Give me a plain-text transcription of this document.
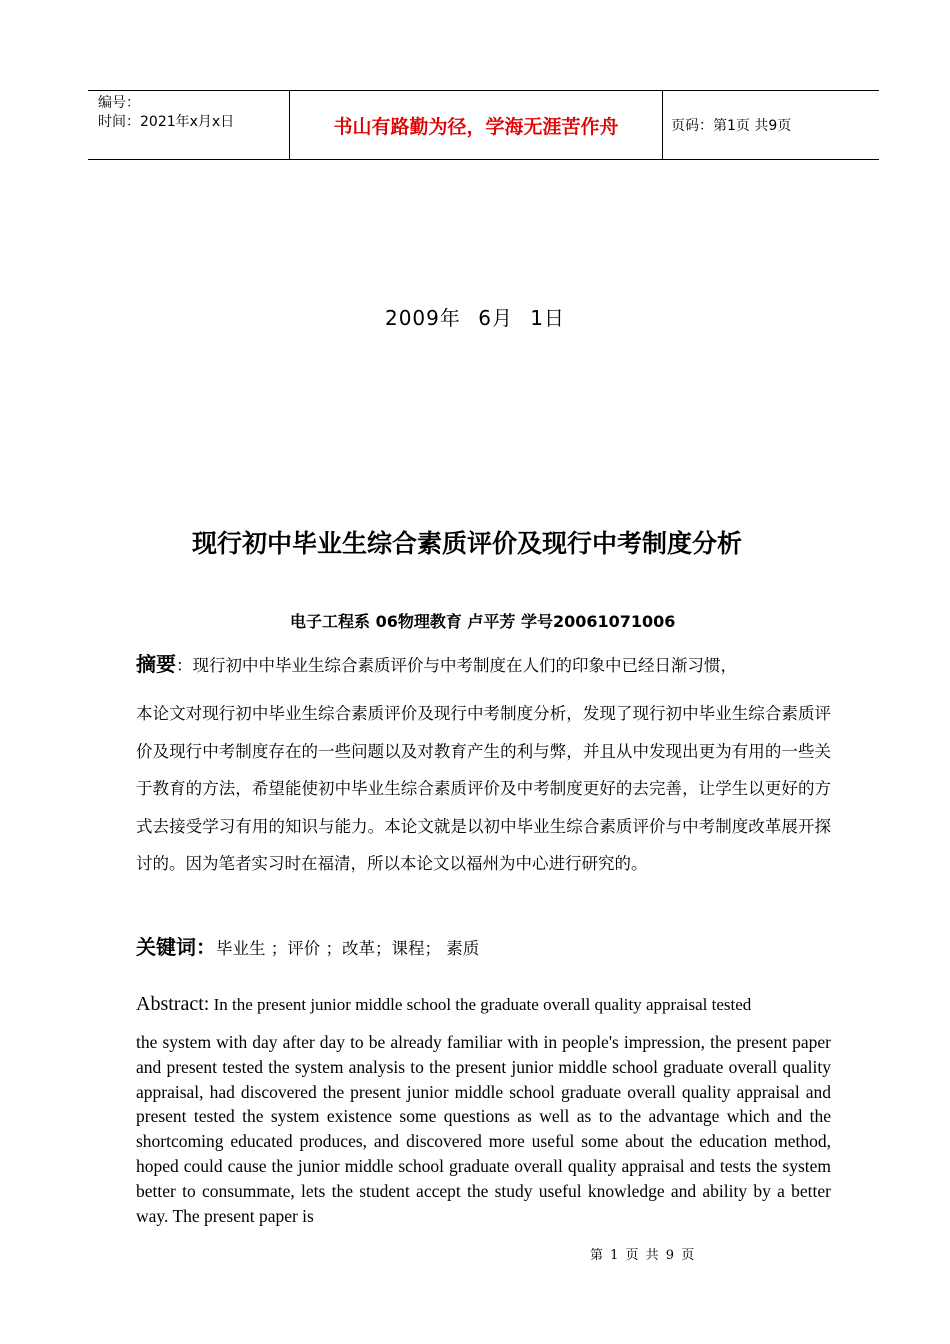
编号：
时间：2021年x月x日	书山有路勤为径，学海无涯苦作舟	页码：第1页 共9页
2009年 6月 1日
现行初中毕业生综合素质评价及现行中考制度分析
电子工程系 06物理教育 卢平芳 学号20061071006
摘要：现行初中中毕业生综合素质评价与中考制度在人们的印象中已经日渐习惯，
本论文对现行初中毕业生综合素质评价及现行中考制度分析，发现了现行初中毕业生综合素质评价及现行中考制度存在的一些问题以及对教育产生的利与弊，并且从中发现出更为有用的一些关于教育的方法，希望能使初中毕业生综合素质评价及中考制度更好的去完善，让学生以更好的方式去接受学习有用的知识与能力。本论文就是以初中毕业生综合素质评价与中考制度改革展开探讨的。因为笔者实习时在福清，所以本论文以福州为中心进行研究的。
关键词：毕业生 ；评价 ；改革；课程； 素质
Abstract: In the present junior middle school the graduate overall quality appraisal tested
the system with day after day to be already familiar with in people's impression, the present paper and present tested the system analysis to the present junior middle school graduate overall quality appraisal, had discovered the present junior middle school graduate overall quality appraisal and present tested the system existence some questions as well as to the advantage which and the shortcoming educated produces, and discovered more useful some about the education method, hoped could cause the junior middle school graduate overall quality appraisal and tests the system better to consummate, lets the student accept the study useful knowledge and ability by a better way. The present paper is
第 1 页 共 9 页
